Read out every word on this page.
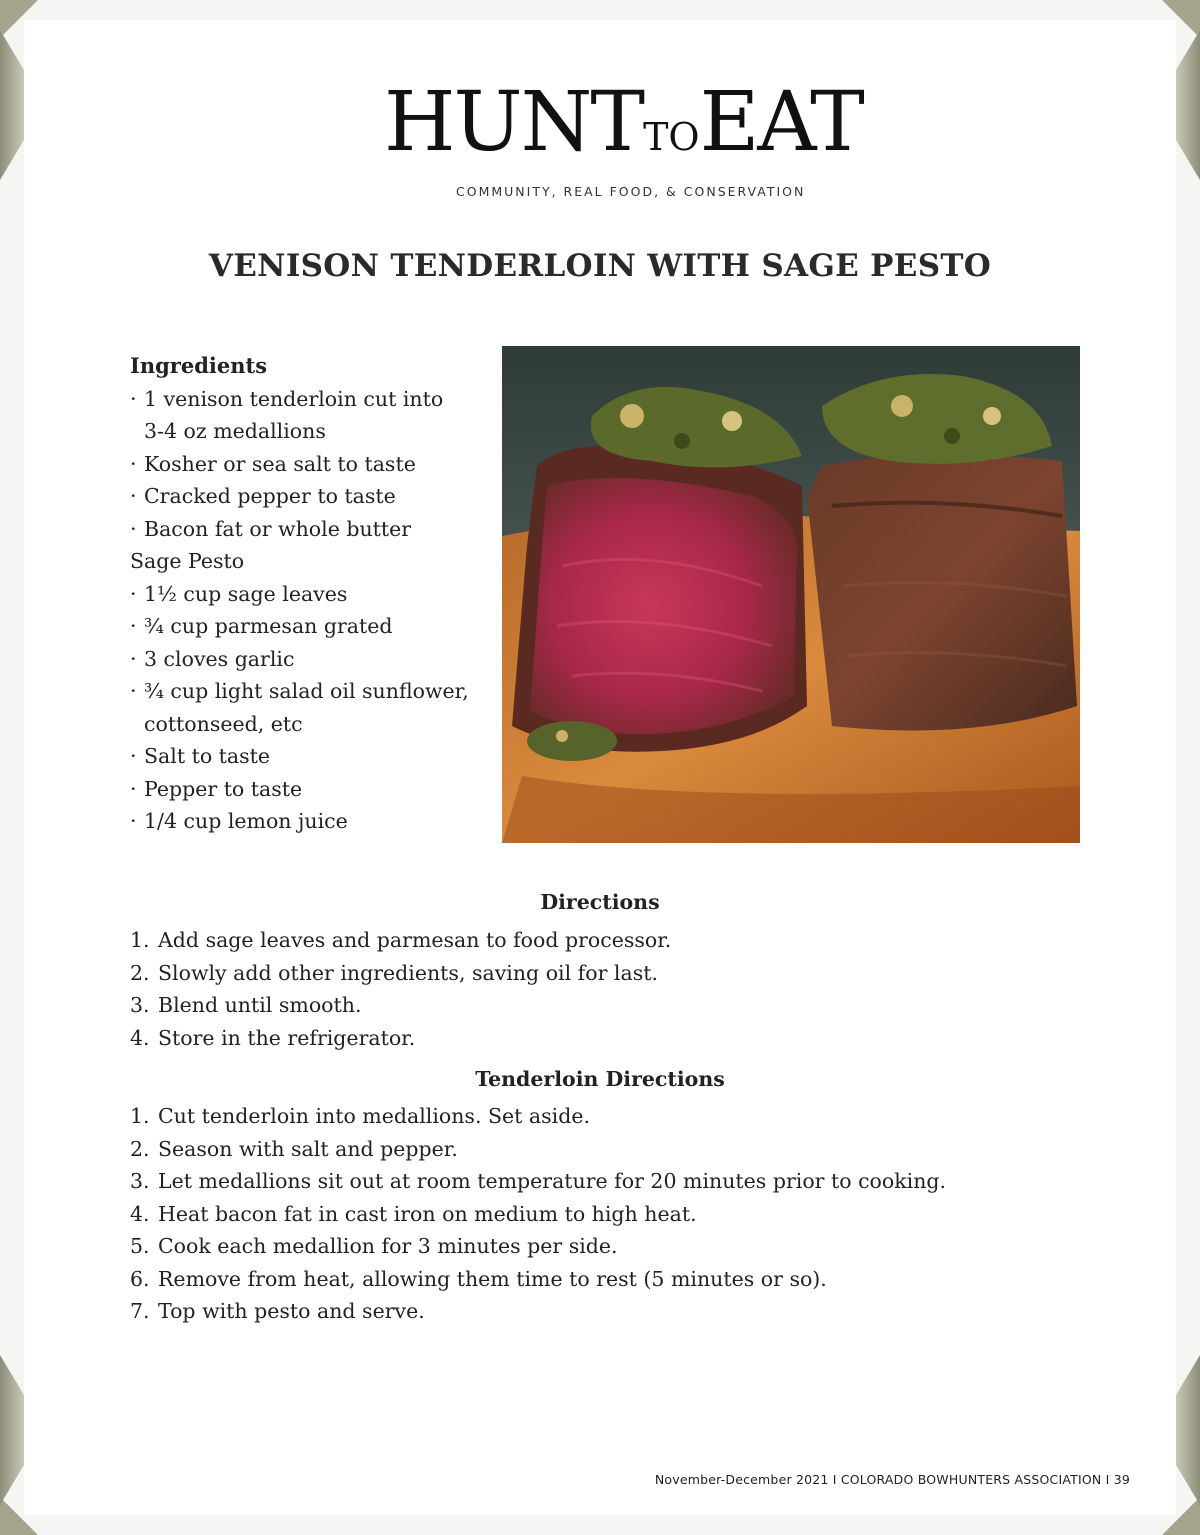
HUNTTOEAT
COMMUNITY, REAL FOOD, & CONSERVATION
VENISON TENDERLOIN WITH SAGE PESTO
Ingredients
· 1 venison tenderloin cut into
3-4 oz medallions
· Kosher or sea salt to taste
· Cracked pepper to taste
· Bacon fat or whole butter
Sage Pesto
· 1½ cup sage leaves
· ¾ cup parmesan grated
· 3 cloves garlic
· ¾ cup light salad oil sunflower,
cottonseed, etc
· Salt to taste
· Pepper to taste
· 1/4 cup lemon juice
Directions
1. Add sage leaves and parmesan to food processor.
2. Slowly add other ingredients, saving oil for last.
3. Blend until smooth.
4. Store in the refrigerator.
Tenderloin Directions
1. Cut tenderloin into medallions. Set aside.
2. Season with salt and pepper.
3. Let medallions sit out at room temperature for 20 minutes prior to cooking.
4. Heat bacon fat in cast iron on medium to high heat.
5. Cook each medallion for 3 minutes per side.
6. Remove from heat, allowing them time to rest (5 minutes or so).
7. Top with pesto and serve.
November-December 2021 I COLORADO BOWHUNTERS ASSOCIATION I 39
